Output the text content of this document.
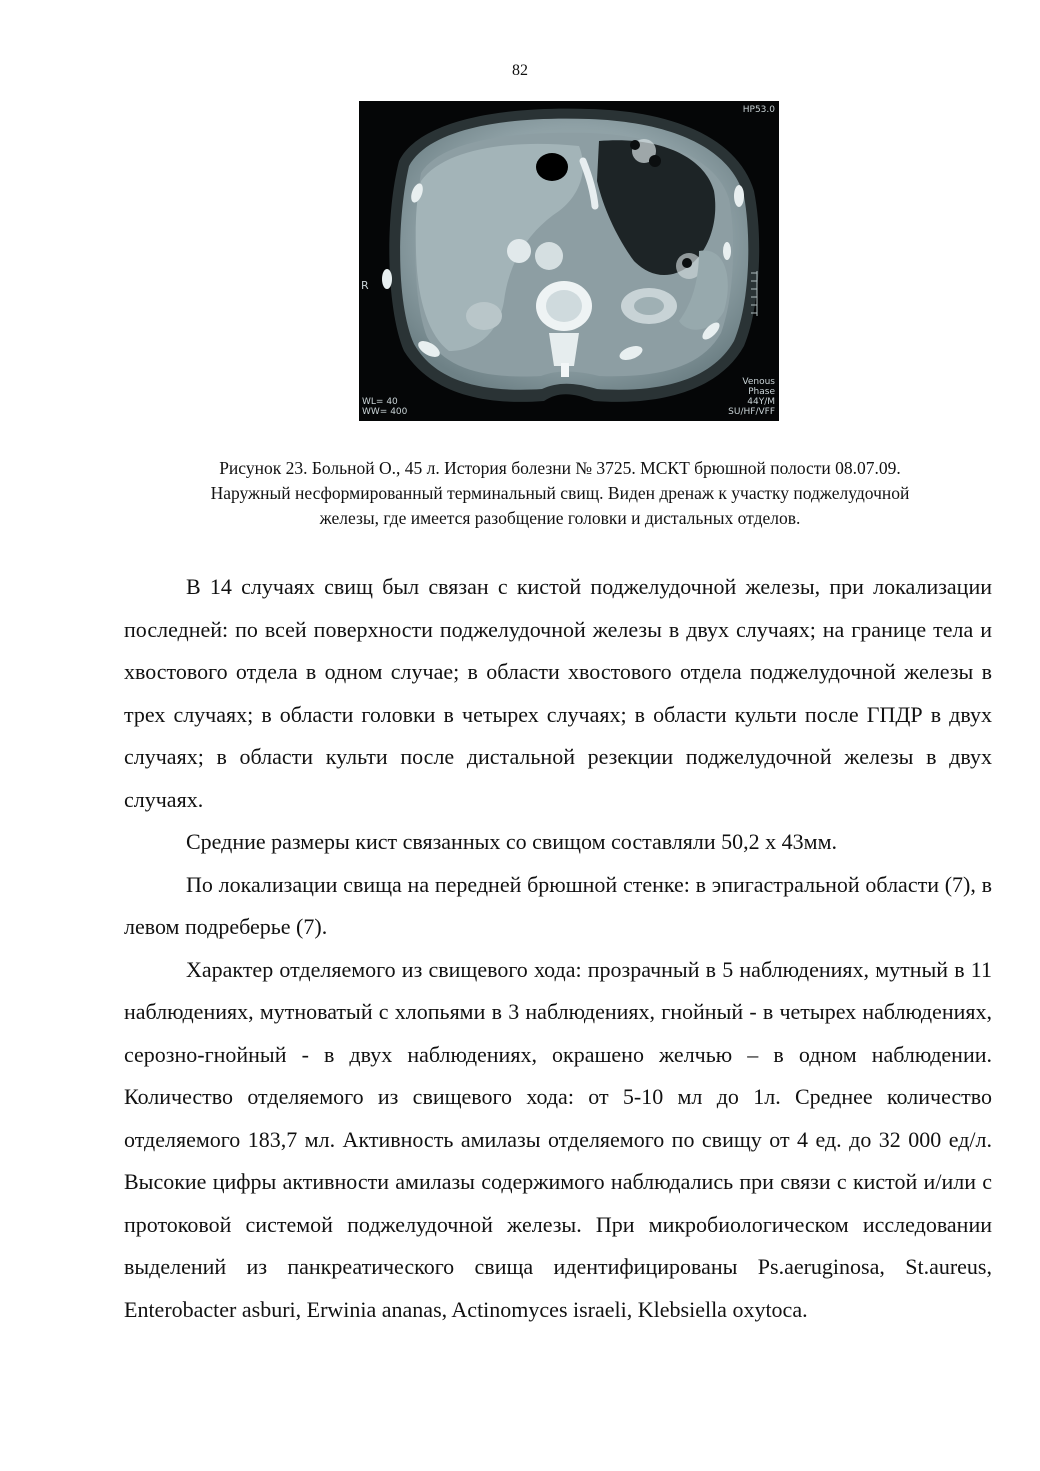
82
HP53.0
R
Venous
Phase
44Y/M
SU/HF/VFF
WL= 40
WW= 400
Рисунок 23. Больной О., 45 л. История болезни № 3725. МСКТ брюшной полости 08.07.09.
Наружный несформированный терминальный свищ. Виден дренаж к участку поджелудочной
железы, где имеется разобщение головки и дистальных отделов.

В 14 случаях свищ был связан с кистой поджелудочной железы, при локализации последней: по всей поверхности поджелудочной железы в двух случаях; на границе тела и хвостового отдела в одном случае; в области хвостового отдела поджелудочной железы в трех случаях; в области головки в четырех случаях; в области культи после ГПДР в двух случаях; в области культи после дистальной резекции поджелудочной железы в двух случаях.

Средние размеры кист связанных со свищом составляли 50,2 х 43мм.

По локализации свища на передней брюшной стенке: в эпигастральной области (7), в левом подреберье (7).

Характер отделяемого из свищевого хода: прозрачный в 5 наблюдениях, мутный в 11 наблюдениях, мутноватый с хлопьями в 3 наблюдениях, гнойный - в четырех наблюдениях, серозно-гнойный - в двух наблюдениях, окрашено желчью – в одном наблюдении. Количество отделяемого из свищевого хода: от 5-10 мл до 1л. Среднее количество отделяемого 183,7 мл. Активность амилазы отделяемого по свищу от 4 ед. до 32 000 ед/л. Высокие цифры активности амилазы содержимого наблюдались при связи с кистой и/или с протоковой системой поджелудочной железы. При микробиологическом исследовании выделений из панкреатического свища идентифицированы Ps.aeruginosa, St.aureus, Enterobacter asburi, Erwinia ananas, Actinomyces israeli, Klebsiella oxytoca.
